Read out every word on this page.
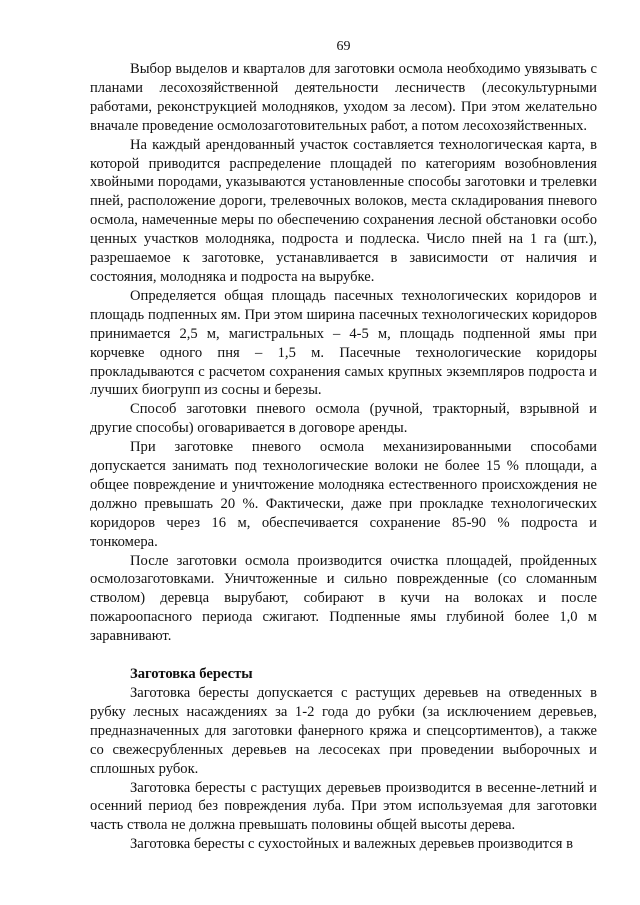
69

Выбор выделов и кварталов для заготовки осмола необходимо увязывать с планами лесохозяйственной деятельности лесничеств (лесокультурными работами, реконструкцией молодняков, уходом за лесом). При этом желательно вначале проведение осмолозаготовительных работ, а потом лесохозяйственных.

На каждый арендованный участок составляется технологическая карта, в которой приводится распределение площадей по категориям возобновления хвойными породами, указываются установленные способы заготовки и трелевки пней, расположение дороги, трелевочных волоков, места складирования пневого осмола, намеченные меры по обеспечению сохранения лесной обстановки особо ценных участков молодняка, подроста и подлеска. Число пней на 1 га (шт.), разрешаемое к заготовке, устанавливается в зависимости от наличия и состояния, молодняка и подроста на вырубке.

Определяется общая площадь пасечных технологических коридоров и площадь подпенных ям. При этом ширина пасечных технологических коридоров принимается 2,5 м, магистральных – 4-5 м, площадь подпенной ямы при корчевке одного пня – 1,5 м. Пасечные технологические коридоры прокладываются с расчетом сохранения самых крупных экземпляров подроста и лучших биогрупп из сосны и березы.

Способ заготовки пневого осмола (ручной, тракторный, взрывной и другие способы) оговаривается в договоре аренды.

При заготовке пневого осмола механизированными способами допускается занимать под технологические волоки не более 15 % площади, а общее повреждение и уничтожение молодняка естественного происхождения не должно превышать 20 %. Фактически, даже при прокладке технологических коридоров через 16 м, обеспечивается сохранение 85-90 % подроста и тонкомера.

После заготовки осмола производится очистка площадей, пройденных осмолозаготовками. Уничтоженные и сильно поврежденные (со сломанным стволом) деревца вырубают, собирают в кучи на волоках и после пожароопасного периода сжигают. Подпенные ямы глубиной более 1,0 м заравнивают.

Заготовка бересты

Заготовка бересты допускается с растущих деревьев на отведенных в рубку лесных насаждениях за 1-2 года до рубки (за исключением деревьев, предназначенных для заготовки фанерного кряжа и спецсортиментов), а также со свежесрубленных деревьев на лесосеках при проведении выборочных и сплошных рубок.

Заготовка бересты с растущих деревьев производится в весенне-летний и осенний период без повреждения луба. При этом используемая для заготовки часть ствола не должна превышать половины общей высоты дерева.

Заготовка бересты с сухостойных и валежных деревьев производится в
